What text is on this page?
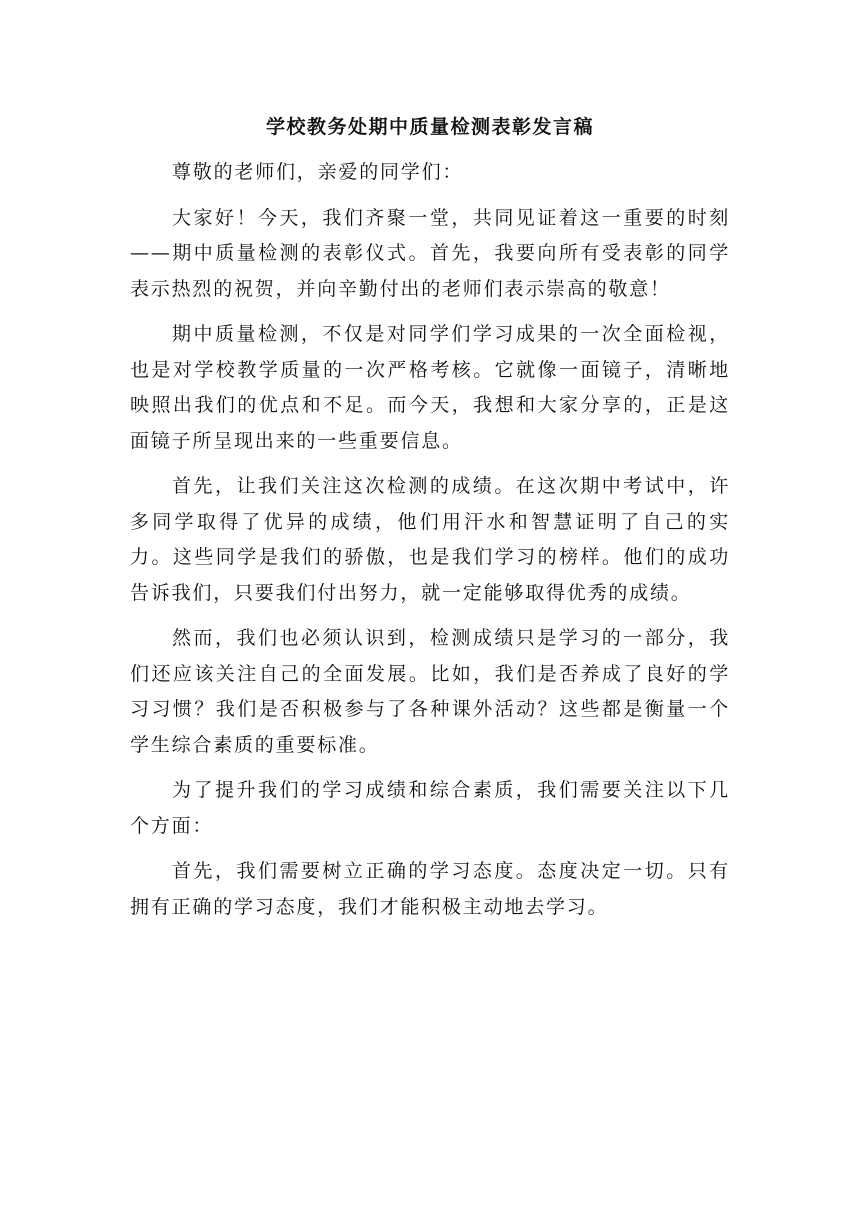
学校教务处期中质量检测表彰发言稿

尊敬的老师们，亲爱的同学们：

大家好！今天，我们齐聚一堂，共同见证着这一重要的时刻——期中质量检测的表彰仪式。首先，我要向所有受表彰的同学表示热烈的祝贺，并向辛勤付出的老师们表示崇高的敬意！

期中质量检测，不仅是对同学们学习成果的一次全面检视，也是对学校教学质量的一次严格考核。它就像一面镜子，清晰地映照出我们的优点和不足。而今天，我想和大家分享的，正是这面镜子所呈现出来的一些重要信息。

首先，让我们关注这次检测的成绩。在这次期中考试中，许多同学取得了优异的成绩，他们用汗水和智慧证明了自己的实力。这些同学是我们的骄傲，也是我们学习的榜样。他们的成功告诉我们，只要我们付出努力，就一定能够取得优秀的成绩。

然而，我们也必须认识到，检测成绩只是学习的一部分，我们还应该关注自己的全面发展。比如，我们是否养成了良好的学习习惯？我们是否积极参与了各种课外活动？这些都是衡量一个学生综合素质的重要标准。

为了提升我们的学习成绩和综合素质，我们需要关注以下几个方面：

首先，我们需要树立正确的学习态度。态度决定一切。只有拥有正确的学习态度，我们才能积极主动地去学习。
